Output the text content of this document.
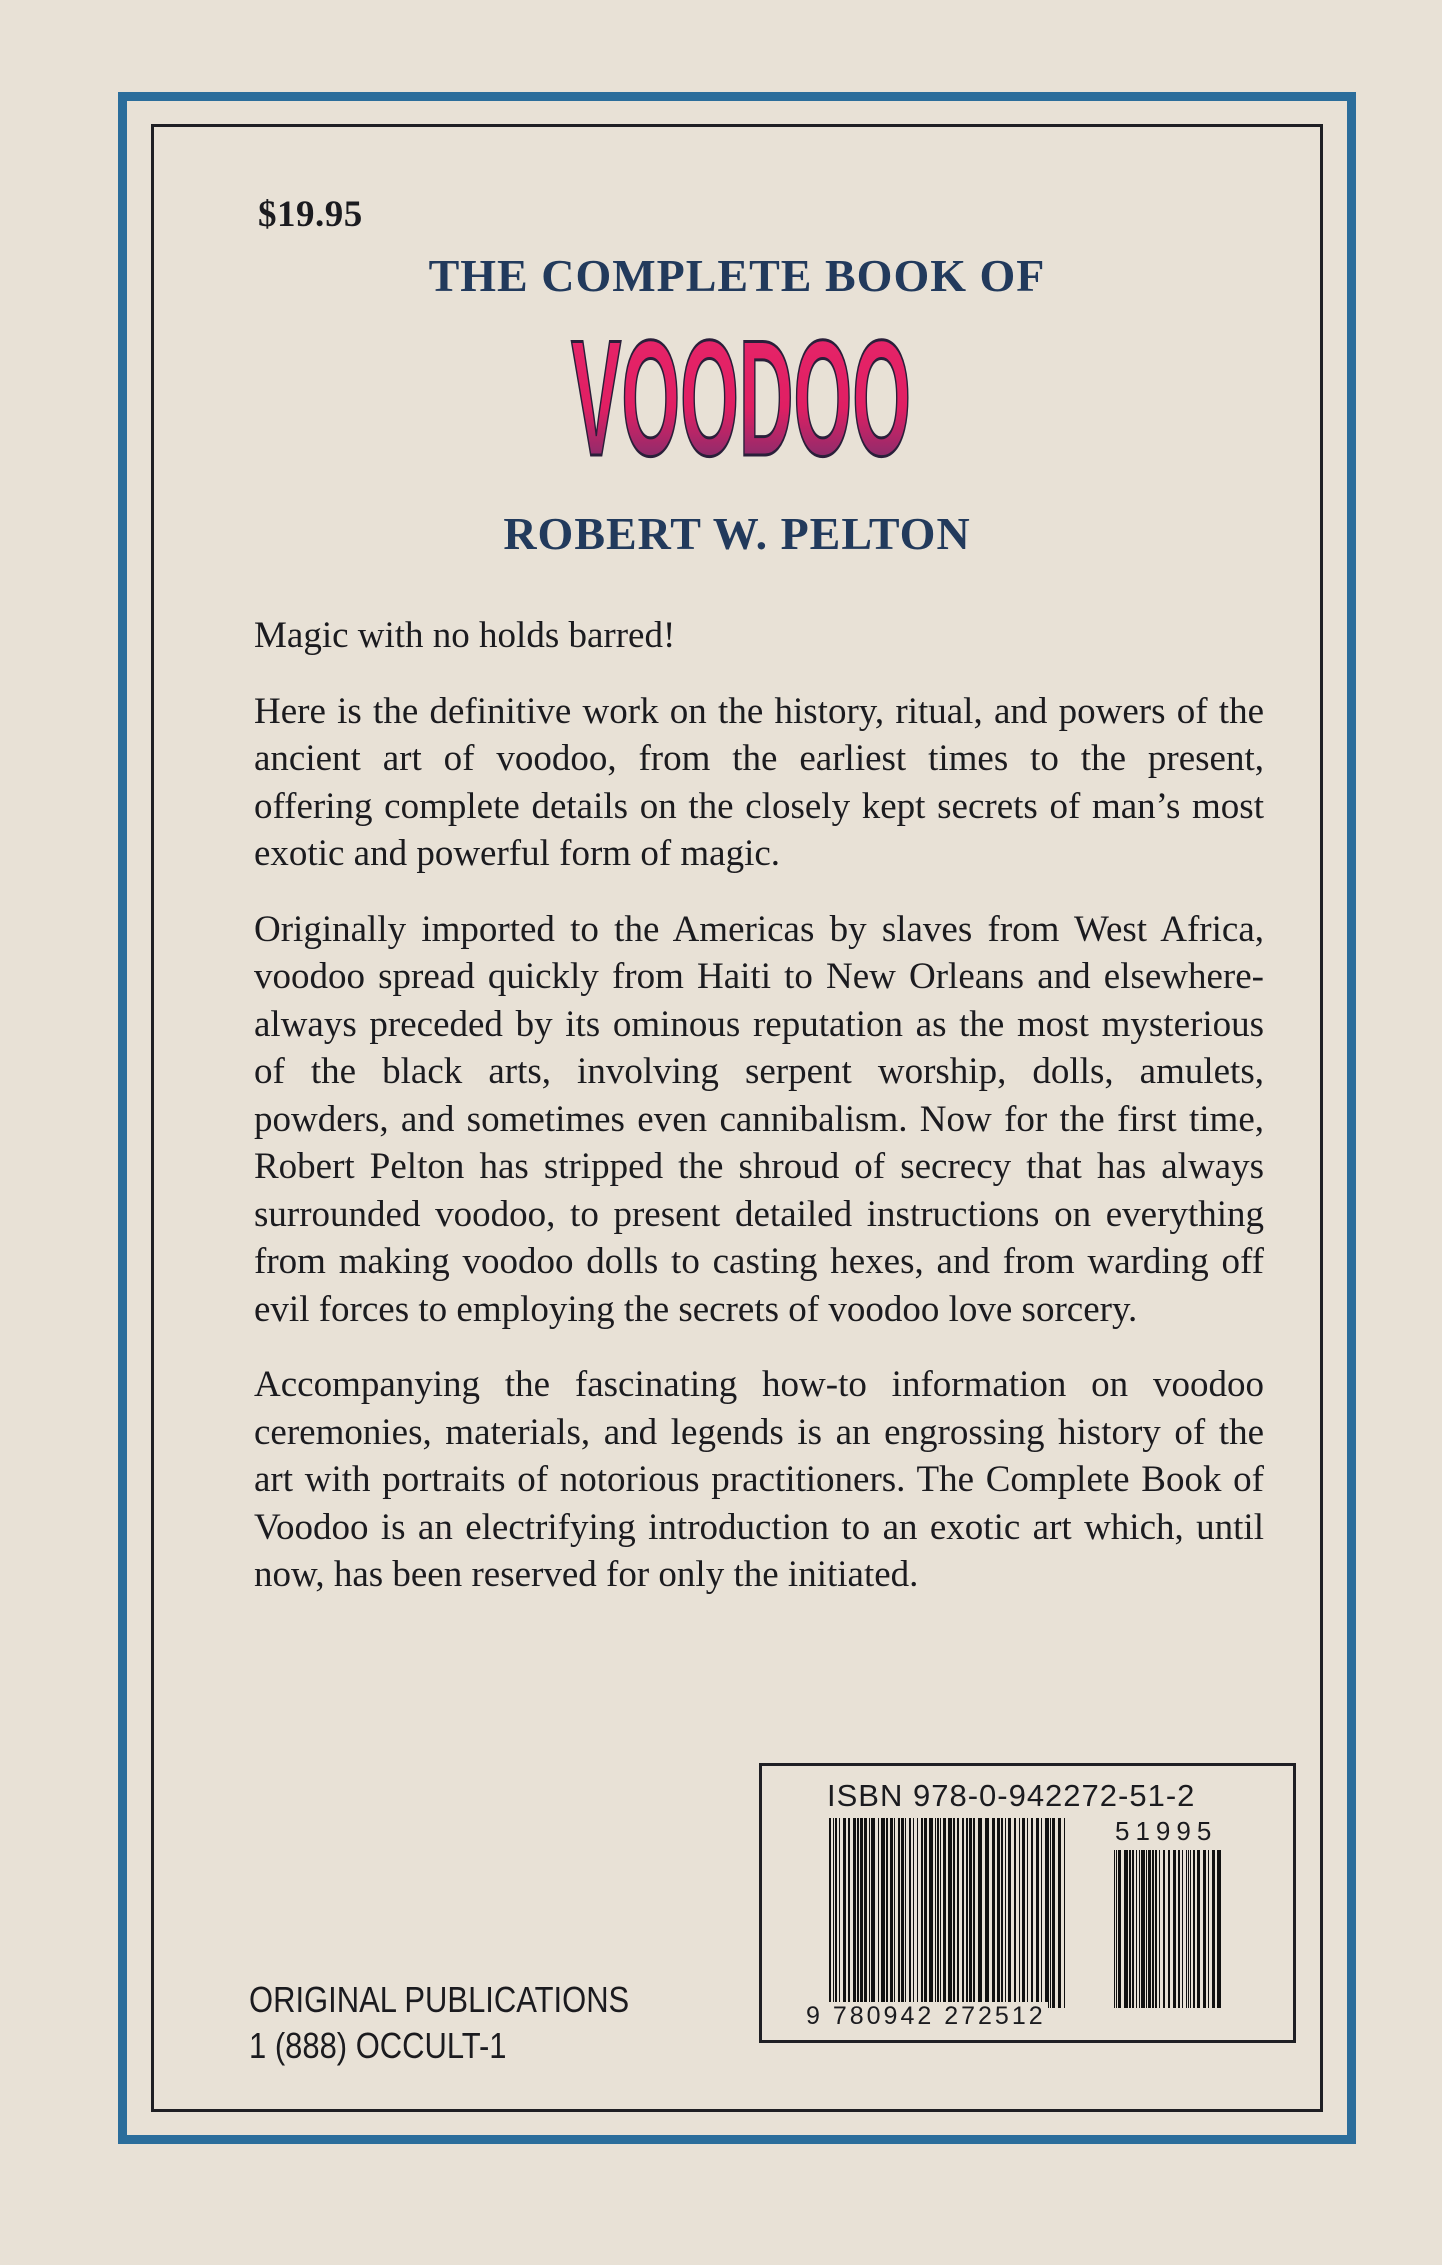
$19.95
THE COMPLETE BOOK OF
VOODOO
ROBERT W. PELTON

Magic with no holds barred!

Here is the definitive work on the history, ritual, and powers of the ancient art of voodoo, from the earliest times to the present, offering complete details on the closely kept secrets of man’s most exotic and powerful form of magic.

Originally imported to the Americas by slaves from West Africa, voodoo spread quickly from Haiti to New Orleans and elsewhere-always preceded by its ominous reputation as the most mysterious of the black arts, involving serpent worship, dolls, amulets, powders, and sometimes even cannibalism. Now for the first time, Robert Pelton has stripped the shroud of secrecy that has always surrounded voodoo, to present detailed instructions on everything from making voodoo dolls to casting hexes, and from warding off evil forces to employing the secrets of voodoo love sorcery.

Accompanying the fascinating how-to information on voodoo ceremonies, materials, and legends is an engrossing history of the art with portraits of notorious practitioners. The Complete Book of Voodoo is an electrifying introduction to an exotic art which, until now, has been reserved for only the initiated.

ORIGINAL PUBLICATIONS
1 (888) OCCULT-1
ISBN 978-0-942272-51-2
51995
9 780942 272512
